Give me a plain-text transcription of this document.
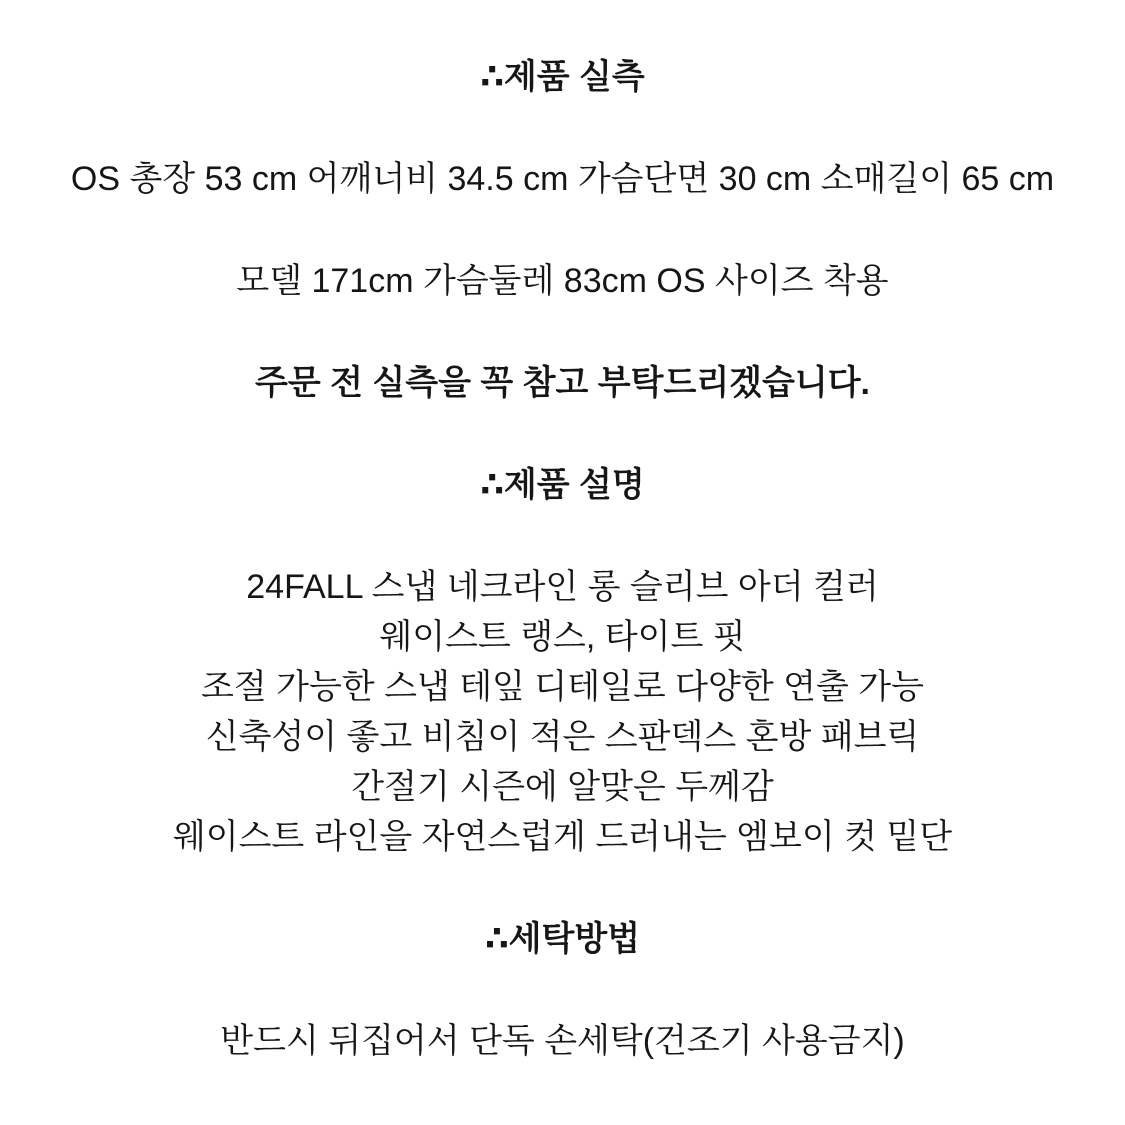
∴제품 실측

OS 총장 53 cm 어깨너비 34.5 cm 가슴단면 30 cm 소매길이 65 cm

모델 171cm 가슴둘레 83cm OS 사이즈 착용

주문 전 실측을 꼭 참고 부탁드리겠습니다.

∴제품 설명

24FALL 스냅 네크라인 롱 슬리브 아더 컬러

웨이스트 랭스, 타이트 핏

조절 가능한 스냅 테잎 디테일로 다양한 연출 가능

신축성이 좋고 비침이 적은 스판덱스 혼방 패브릭

간절기 시즌에 알맞은 두께감

웨이스트 라인을 자연스럽게 드러내는 엠보이 컷 밑단

∴세탁방법

반드시 뒤집어서 단독 손세탁(건조기 사용금지)
